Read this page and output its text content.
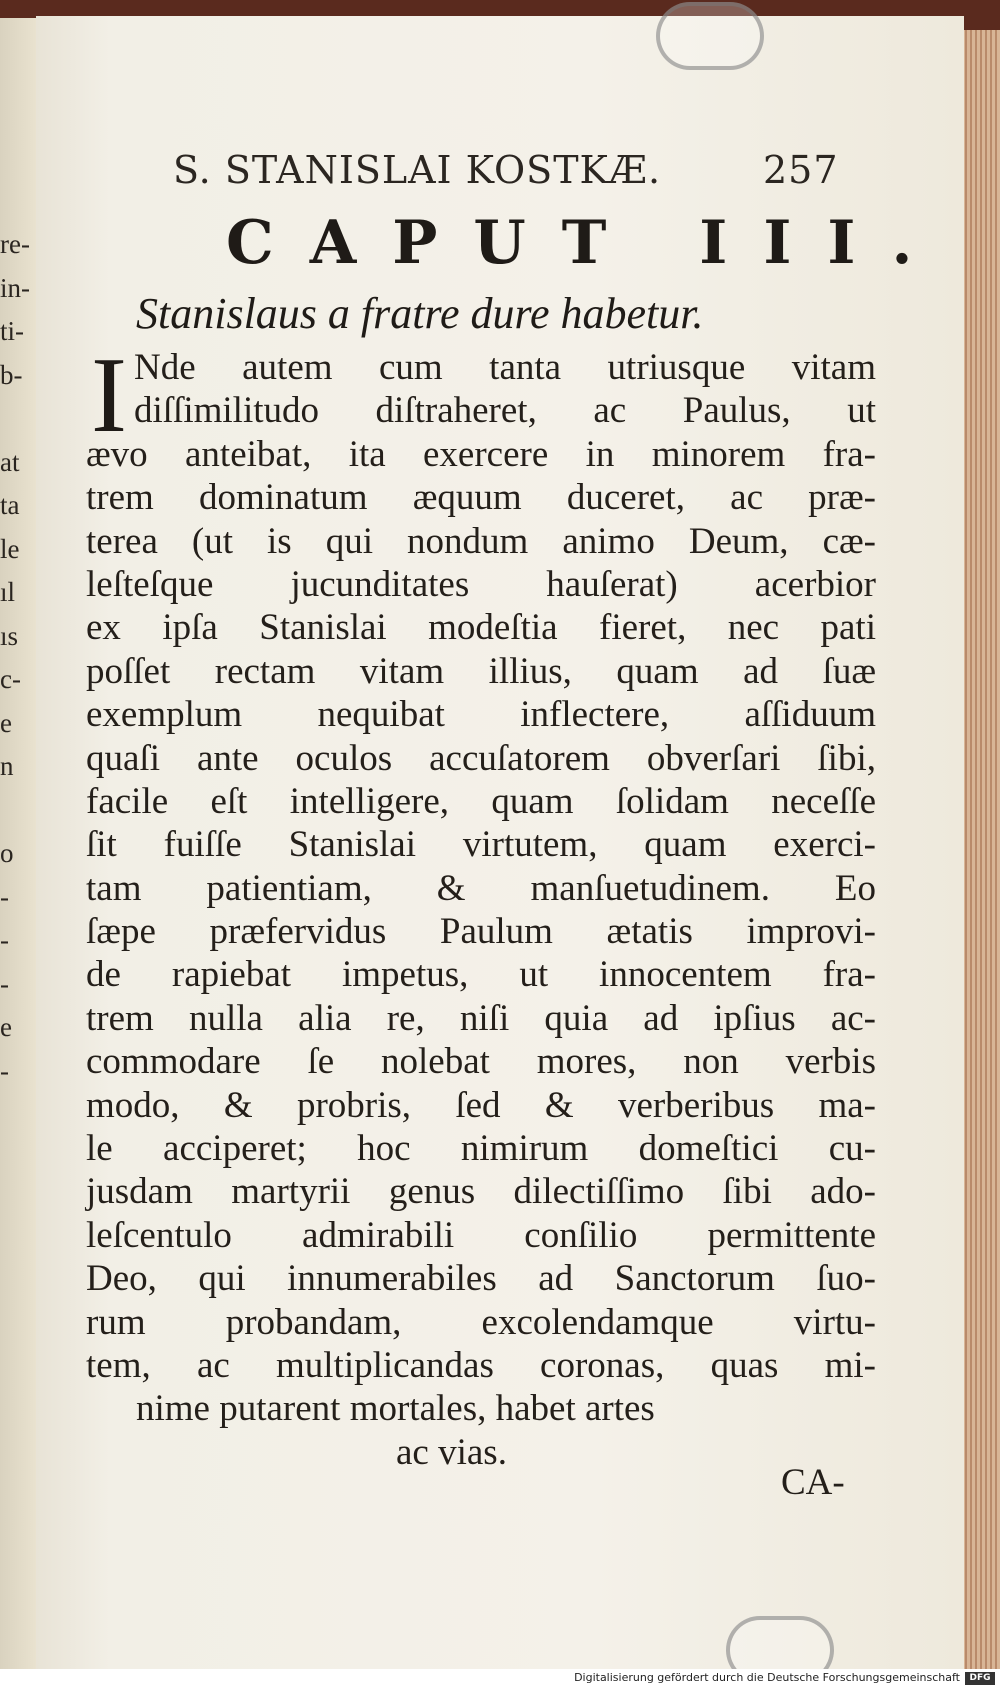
re-
in-
ti-
b-
at
ta
le
ıl
ıs
c-
e
n
o
-
-
-
e
-
S. STANISLAI KOSTKÆ.	257
CAPUT III.
Stanislaus a fratre dure habetur.
I Nde autem cum tanta utriusque vitam
diſſimilitudo diſtraheret, ac Paulus, ut
ævo anteibat, ita exercere in minorem fra-
trem dominatum æquum duceret, ac præ-
terea (ut is qui nondum animo Deum, cæ-
leſteſque jucunditates hauſerat) acerbior
ex ipſa Stanislai modeſtia fieret, nec pati
poſſet rectam vitam illius, quam ad ſuæ
exemplum nequibat inflectere, aſſiduum
quaſi ante oculos accuſatorem obverſari ſibi,
facile eſt intelligere, quam ſolidam neceſſe
ſit fuiſſe Stanislai virtutem, quam exerci-
tam patientiam, & manſuetudinem. Eo
ſæpe præfervidus Paulum ætatis improvi-
de rapiebat impetus, ut innocentem fra-
trem nulla alia re, niſi quia ad ipſius ac-
commodare ſe nolebat mores, non verbis
modo, & probris, ſed & verberibus ma-
le acciperet; hoc nimirum domeſtici cu-
jusdam martyrii genus dilectiſſimo ſibi ado-
leſcentulo admirabili conſilio permittente
Deo, qui innumerabiles ad Sanctorum ſuo-
rum probandam, excolendamque virtu-
tem, ac multiplicandas coronas, quas mi-
nime putarent mortales, habet artes
ac vias.
CA-
Digitalisierung gefördert durch die Deutsche Forschungsgemeinschaft	DFG
